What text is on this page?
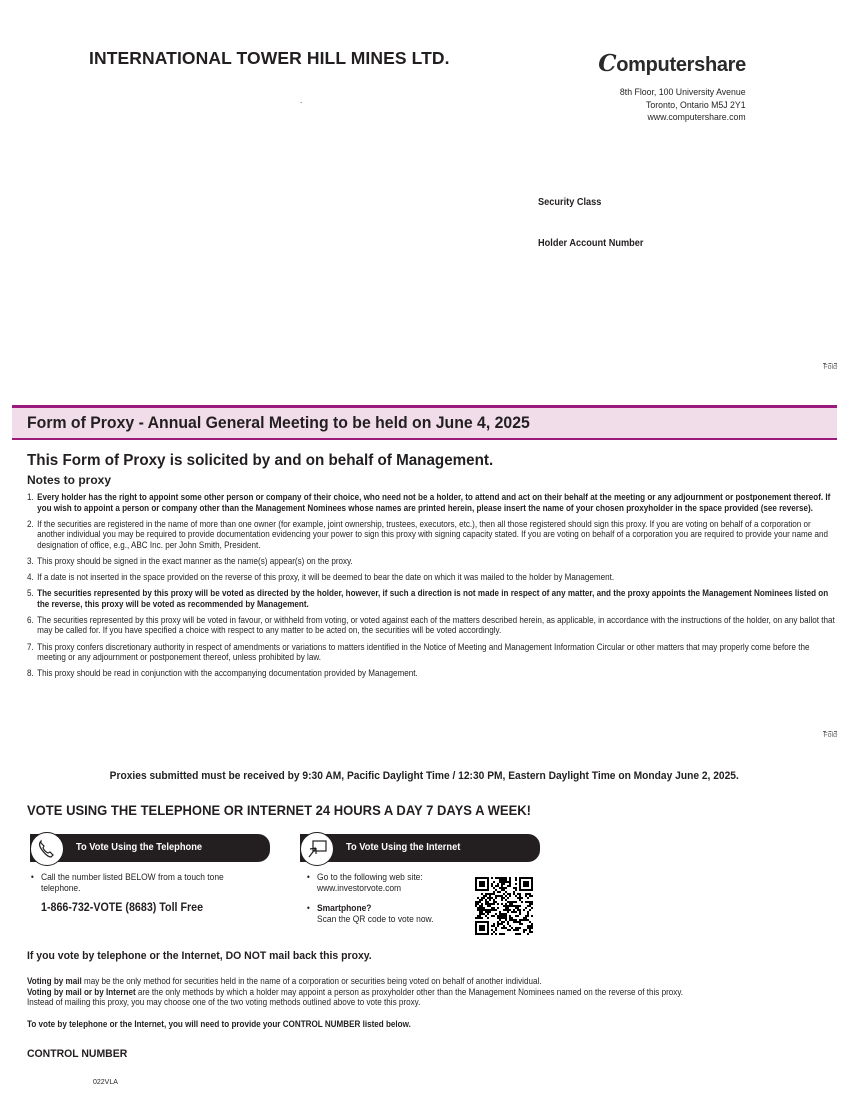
INTERNATIONAL TOWER HILL MINES LTD.
.
Computershare
8th Floor, 100 University Avenue
Toronto, Ontario M5J 2Y1
www.computershare.com
Security Class
Holder Account Number
Fold
Form of Proxy - Annual General Meeting to be held on June 4, 2025
This Form of Proxy is solicited by and on behalf of Management.
Notes to proxy
1. Every holder has the right to appoint some other person or company of their choice, who need not be a holder, to attend and act on their behalf at the meeting or any adjournment or postponement thereof. If you wish to appoint a person or company other than the Management Nominees whose names are printed herein, please insert the name of your chosen proxyholder in the space provided (see reverse).
2. If the securities are registered in the name of more than one owner (for example, joint ownership, trustees, executors, etc.), then all those registered should sign this proxy. If you are voting on behalf of a corporation or another individual you may be required to provide documentation evidencing your power to sign this proxy with signing capacity stated. If you are voting on behalf of a corporation you are required to provide your name and designation of office, e.g., ABC Inc. per John Smith, President.
3. This proxy should be signed in the exact manner as the name(s) appear(s) on the proxy.
4. If a date is not inserted in the space provided on the reverse of this proxy, it will be deemed to bear the date on which it was mailed to the holder by Management.
5. The securities represented by this proxy will be voted as directed by the holder, however, if such a direction is not made in respect of any matter, and the proxy appoints the Management Nominees listed on the reverse, this proxy will be voted as recommended by Management.
6. The securities represented by this proxy will be voted in favour, or withheld from voting, or voted against each of the matters described herein, as applicable, in accordance with the instructions of the holder, on any ballot that may be called for. If you have specified a choice with respect to any matter to be acted on, the securities will be voted accordingly.
7. This proxy confers discretionary authority in respect of amendments or variations to matters identified in the Notice of Meeting and Management Information Circular or other matters that may properly come before the meeting or any adjournment or postponement thereof, unless prohibited by law.
8. This proxy should be read in conjunction with the accompanying documentation provided by Management.
Fold
Proxies submitted must be received by 9:30 AM, Pacific Daylight Time / 12:30 PM, Eastern Daylight Time on Monday June 2, 2025.
VOTE USING THE TELEPHONE OR INTERNET 24 HOURS A DAY 7 DAYS A WEEK!
To Vote Using the Telephone	To Vote Using the Internet
• Call the number listed BELOW from a touch tone telephone.
1-866-732-VOTE (8683) Toll Free
• Go to the following web site: www.investorvote.com
• Smartphone?
Scan the QR code to vote now.
If you vote by telephone or the Internet, DO NOT mail back this proxy.
Voting by mail may be the only method for securities held in the name of a corporation or securities being voted on behalf of another individual.
Voting by mail or by Internet are the only methods by which a holder may appoint a person as proxyholder other than the Management Nominees named on the reverse of this proxy.
Instead of mailing this proxy, you may choose one of the two voting methods outlined above to vote this proxy.
To vote by telephone or the Internet, you will need to provide your CONTROL NUMBER listed below.
CONTROL NUMBER
022VLA
